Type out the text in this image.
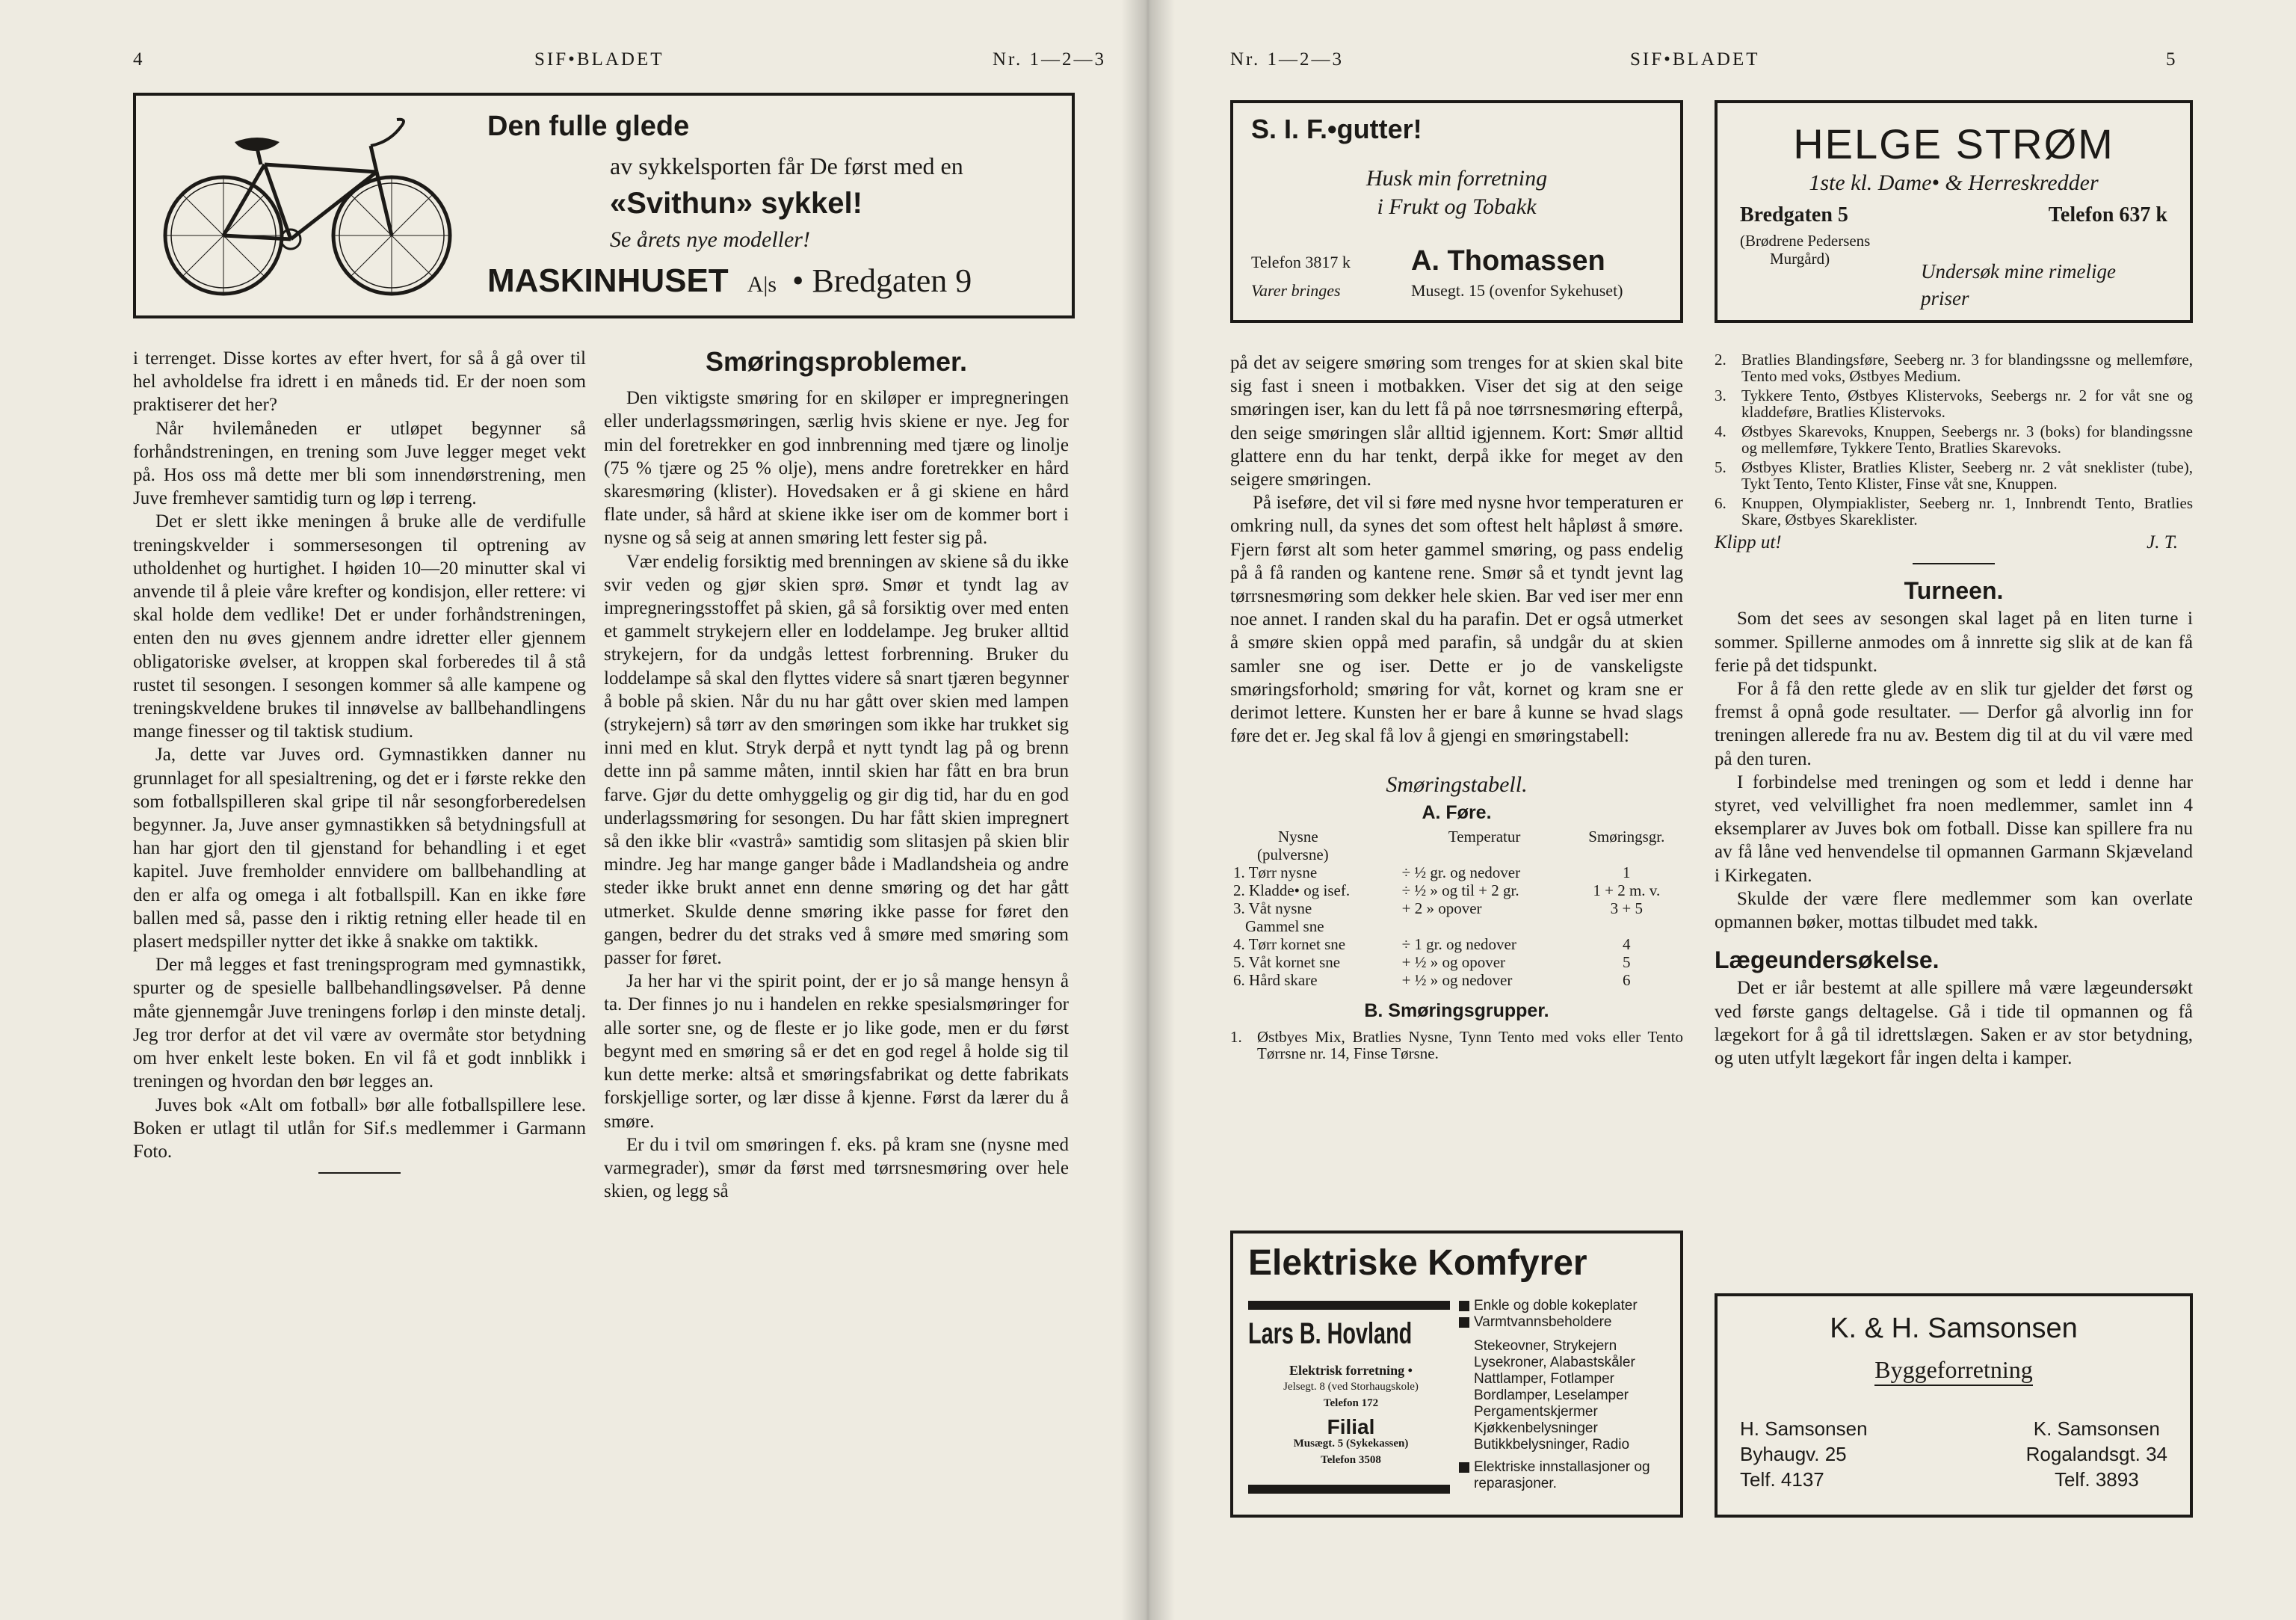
4	SIF•BLADET	Nr. 1—2—3
Den fulle glede
av sykkelsporten får De først med en
«Svithun» sykkel!
Se årets nye modeller!
MASKINHUSET A|s • Bredgaten 9

i terrenget. Disse kortes av efter hvert, for så å gå over til hel avholdelse fra idrett i en måneds tid. Er der noen som praktiserer det her?

Når hvilemåneden er utløpet begynner så forhåndstreningen, en trening som Juve legger meget vekt på. Hos oss må dette mer bli som innendørstrening, men Juve fremhever samtidig turn og løp i terreng.

Det er slett ikke meningen å bruke alle de verdifulle treningskvelder i sommersesongen til optrening av utholdenhet og hurtighet. I høiden 10—20 minutter skal vi anvende til å pleie våre krefter og kondisjon, eller rettere: vi skal holde dem vedlike! Det er under forhåndstreningen, enten den nu øves gjennem andre idretter eller gjennem obligatoriske øvelser, at kroppen skal forberedes til å stå rustet til sesongen. I sesongen kommer så alle kampene og treningskveldene brukes til innøvelse av ballbehandlingens mange finesser og til taktisk studium.

Ja, dette var Juves ord. Gymnastikken danner nu grunnlaget for all spesialtrening, og det er i første rekke den som fotballspilleren skal gripe til når sesongforberedelsen begynner. Ja, Juve anser gymnastikken så betydningsfull at han har gjort den til gjenstand for behandling i et eget kapitel. Juve fremholder ennvidere om ballbehandling at den er alfa og omega i alt fotballspill. Kan en ikke føre ballen med så, passe den i riktig retning eller heade til en plasert medspiller nytter det ikke å snakke om taktikk.

Der må legges et fast treningsprogram med gymnastikk, spurter og de spesielle ballbehandlingsøvelser. På denne måte gjennemgår Juve treningens forløp i den minste detalj. Jeg tror derfor at det vil være av overmåte stor betydning om hver enkelt leste boken. En vil få et godt innblikk i treningen og hvordan den bør legges an.

Juves bok «Alt om fotball» bør alle fotballspillere lese. Boken er utlagt til utlån for Sif.s medlemmer i Garmann Foto.

Smøringsproblemer.

Den viktigste smøring for en skiløper er impregneringen eller underlagssmøringen, særlig hvis skiene er nye. Jeg for min del foretrekker en god innbrenning med tjære og linolje (75 % tjære og 25 % olje), mens andre foretrekker en hård skaresmøring (klister). Hovedsaken er å gi skiene en hård flate under, så hård at skiene ikke iser om de kommer bort i nysne og så seig at annen smøring lett fester sig på.

Vær endelig forsiktig med brenningen av skiene så du ikke svir veden og gjør skien sprø. Smør et tyndt lag av impregneringsstoffet på skien, gå så forsiktig over med enten et gammelt strykejern eller en loddelampe. Jeg bruker alltid strykejern, for da undgås lettest forbrenning. Bruker du loddelampe så skal den flyttes videre så snart tjæren begynner å boble på skien. Når du nu har gått over skien med lampen (strykejern) så tørr av den smøringen som ikke har trukket sig inni med en klut. Stryk derpå et nytt tyndt lag på og brenn dette inn på samme måten, inntil skien har fått en bra brun farve. Gjør du dette omhyggelig og gir dig tid, har du en god underlagssmøring for sesongen. Du har fått skien impregnert så den ikke blir «vastrå» samtidig som slitasjen på skien blir mindre. Jeg har mange ganger både i Madlandsheia og andre steder ikke brukt annet enn denne smøring og det har gått utmerket. Skulde denne smøring ikke passe for føret den gangen, bedrer du det straks ved å smøre med smøring som passer for føret.

Ja her har vi the spirit point, der er jo så mange hensyn å ta. Der finnes jo nu i handelen en rekke spesialsmøringer for alle sorter sne, og de fleste er jo like gode, men er du først begynt med en smøring så er det en god regel å holde sig til kun dette merke: altså et smøringsfabrikat og dette fabrikats forskjellige sorter, og lær disse å kjenne. Først da lærer du å smøre.

Er du i tvil om smøringen f. eks. på kram sne (nysne med varmegrader), smør da først med tørrsnesmøring over hele skien, og legg så

Nr. 1—2—3	SIF•BLADET	5
S. I. F.•gutter!
Husk min forretning
i Frukt og Tobakk
Telefon 3817 k
Varer bringes
A. Thomassen
Musegt. 15 (ovenfor Sykehuset)
HELGE STRØM
1ste kl. Dame• & Herreskredder
Bredgaten 5	Telefon 637 k
(Brødrene Pedersens
Murgård)
Undersøk mine rimelige
priser

på det av seigere smøring som trenges for at skien skal bite sig fast i sneen i motbakken. Viser det sig at den seige smøringen iser, kan du lett få på noe tørrsnesmøring efterpå, den seige smøringen slår alltid igjennem. Kort: Smør alltid glattere enn du har tenkt, derpå ikke for meget av den seigere smøringen.

På iseføre, det vil si føre med nysne hvor temperaturen er omkring null, da synes det som oftest helt håpløst å smøre. Fjern først alt som heter gammel smøring, og pass endelig på å få randen og kantene rene. Smør så et tyndt jevnt lag tørrsnesmøring som dekker hele skien. Bar ved iser mer enn noe annet. I randen skal du ha parafin. Det er også utmerket å smøre skien oppå med parafin, så undgår du at skien samler sne og iser. Dette er jo de vanskeligste smøringsforhold; smøring for våt, kornet og kram sne er derimot lettere. Kunsten her er bare å kunne se hvad slags føre det er. Jeg skal få lov å gjengi en smøringstabell:

Smøringstabell.
A. Føre.
Nysne	Temperatur	Smøringsgr.
(pulversne)		
1. Tørr nysne	÷ ½ gr. og nedover	1
2. Kladde• og isef.	÷ ½ » og til + 2 gr.	1 + 2 m. v.
3. Våt nysne	+ 2 » opover	3 + 5
Gammel sne		
4. Tørr kornet sne	÷ 1 gr. og nedover	4
5. Våt kornet sne	+ ½ » og opover	5
6. Hård skare	+ ½ » og nedover	6
B. Smøringsgrupper.
1. Østbyes Mix, Bratlies Nysne, Tynn Tento med voks eller Tento Tørrsne nr. 14, Finse Tørsne.
Elektriske Komfyrer
Lars B. Hovland
Elektrisk forretning •
Jelsegt. 8 (ved Storhaugskole)
Telefon 172
Filial
Musægt. 5 (Sykekassen)
Telefon 3508
Enkle og doble kokeplater
Varmtvannsbeholdere
Stekeovner, Strykejern Lysekroner, Alabastskåler Nattlamper, Fotlamper Bordlamper, Leselamper Pergamentskjermer Kjøkkenbelysninger Butikkbelysninger, Radio
Elektriske innstallasjoner og reparasjoner.
2. Bratlies Blandingsføre, Seeberg nr. 3 for blandingssne og mellemføre, Tento med voks, Østbyes Medium.
3. Tykkere Tento, Østbyes Klistervoks, Seebergs nr. 2 for våt sne og kladdeføre, Bratlies Klistervoks.
4. Østbyes Skarevoks, Knuppen, Seebergs nr. 3 (boks) for blandingssne og mellemføre, Tykkere Tento, Bratlies Skarevoks.
5. Østbyes Klister, Bratlies Klister, Seeberg nr. 2 våt sneklister (tube), Tykt Tento, Tento Klister, Finse våt sne, Knuppen.
6. Knuppen, Olympiaklister, Seeberg nr. 1, Innbrendt Tento, Bratlies Skare, Østbyes Skareklister.
Klipp ut!	J. T.
Turneen.

Som det sees av sesongen skal laget på en liten turne i sommer. Spillerne anmodes om å innrette sig slik at de kan få ferie på det tidspunkt.

For å få den rette glede av en slik tur gjelder det først og fremst å opnå gode resultater. — Derfor gå alvorlig inn for treningen allerede fra nu av. Bestem dig til at du vil være med på den turen.

I forbindelse med treningen og som et ledd i denne har styret, ved velvillighet fra noen medlemmer, samlet inn 4 eksemplarer av Juves bok om fotball. Disse kan spillere fra nu av få låne ved henvendelse til opmannen Garmann Skjæveland i Kirkegaten.

Skulde der være flere medlemmer som kan overlate opmannen bøker, mottas tilbudet med takk.

Lægeundersøkelse.

Det er iår bestemt at alle spillere må være lægeundersøkt ved første gangs deltagelse. Gå i tide til opmannen og få lægekort for å gå til idrettslægen. Saken er av stor betydning, og uten utfylt lægekort får ingen delta i kamper.

K. & H. Samsonsen
Byggeforretning
H. Samsonsen
Byhaugv. 25
Telf. 4137
K. Samsonsen
Rogalandsgt. 34
Telf. 3893
